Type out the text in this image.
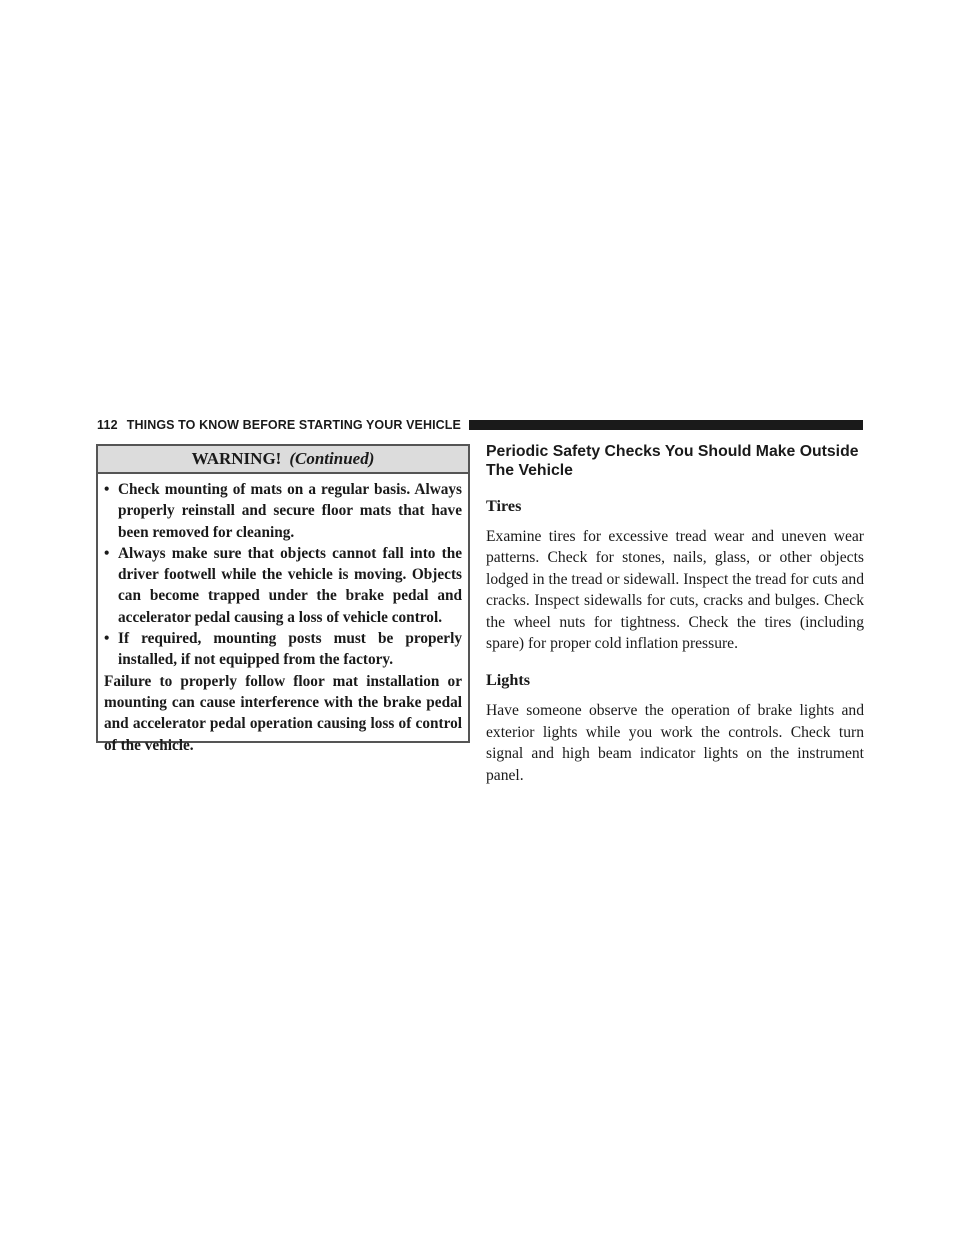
112 THINGS TO KNOW BEFORE STARTING YOUR VEHICLE
WARNING! (Continued)
• Check mounting of mats on a regular basis. Always properly reinstall and secure floor mats that have been removed for cleaning.
• Always make sure that objects cannot fall into the driver footwell while the vehicle is moving. Objects can become trapped under the brake pedal and accelerator pedal causing a loss of vehicle control.
• If required, mounting posts must be properly installed, if not equipped from the factory.
Failure to properly follow floor mat installation or mounting can cause interference with the brake pedal and accelerator pedal operation causing loss of control of the vehicle.
Periodic Safety Checks You Should Make Outside The Vehicle
Tires

Examine tires for excessive tread wear and uneven wear patterns. Check for stones, nails, glass, or other objects lodged in the tread or sidewall. Inspect the tread for cuts and cracks. Inspect sidewalls for cuts, cracks and bulges. Check the wheel nuts for tightness. Check the tires (including spare) for proper cold inflation pressure.

Lights

Have someone observe the operation of brake lights and exterior lights while you work the controls. Check turn signal and high beam indicator lights on the instrument panel.
